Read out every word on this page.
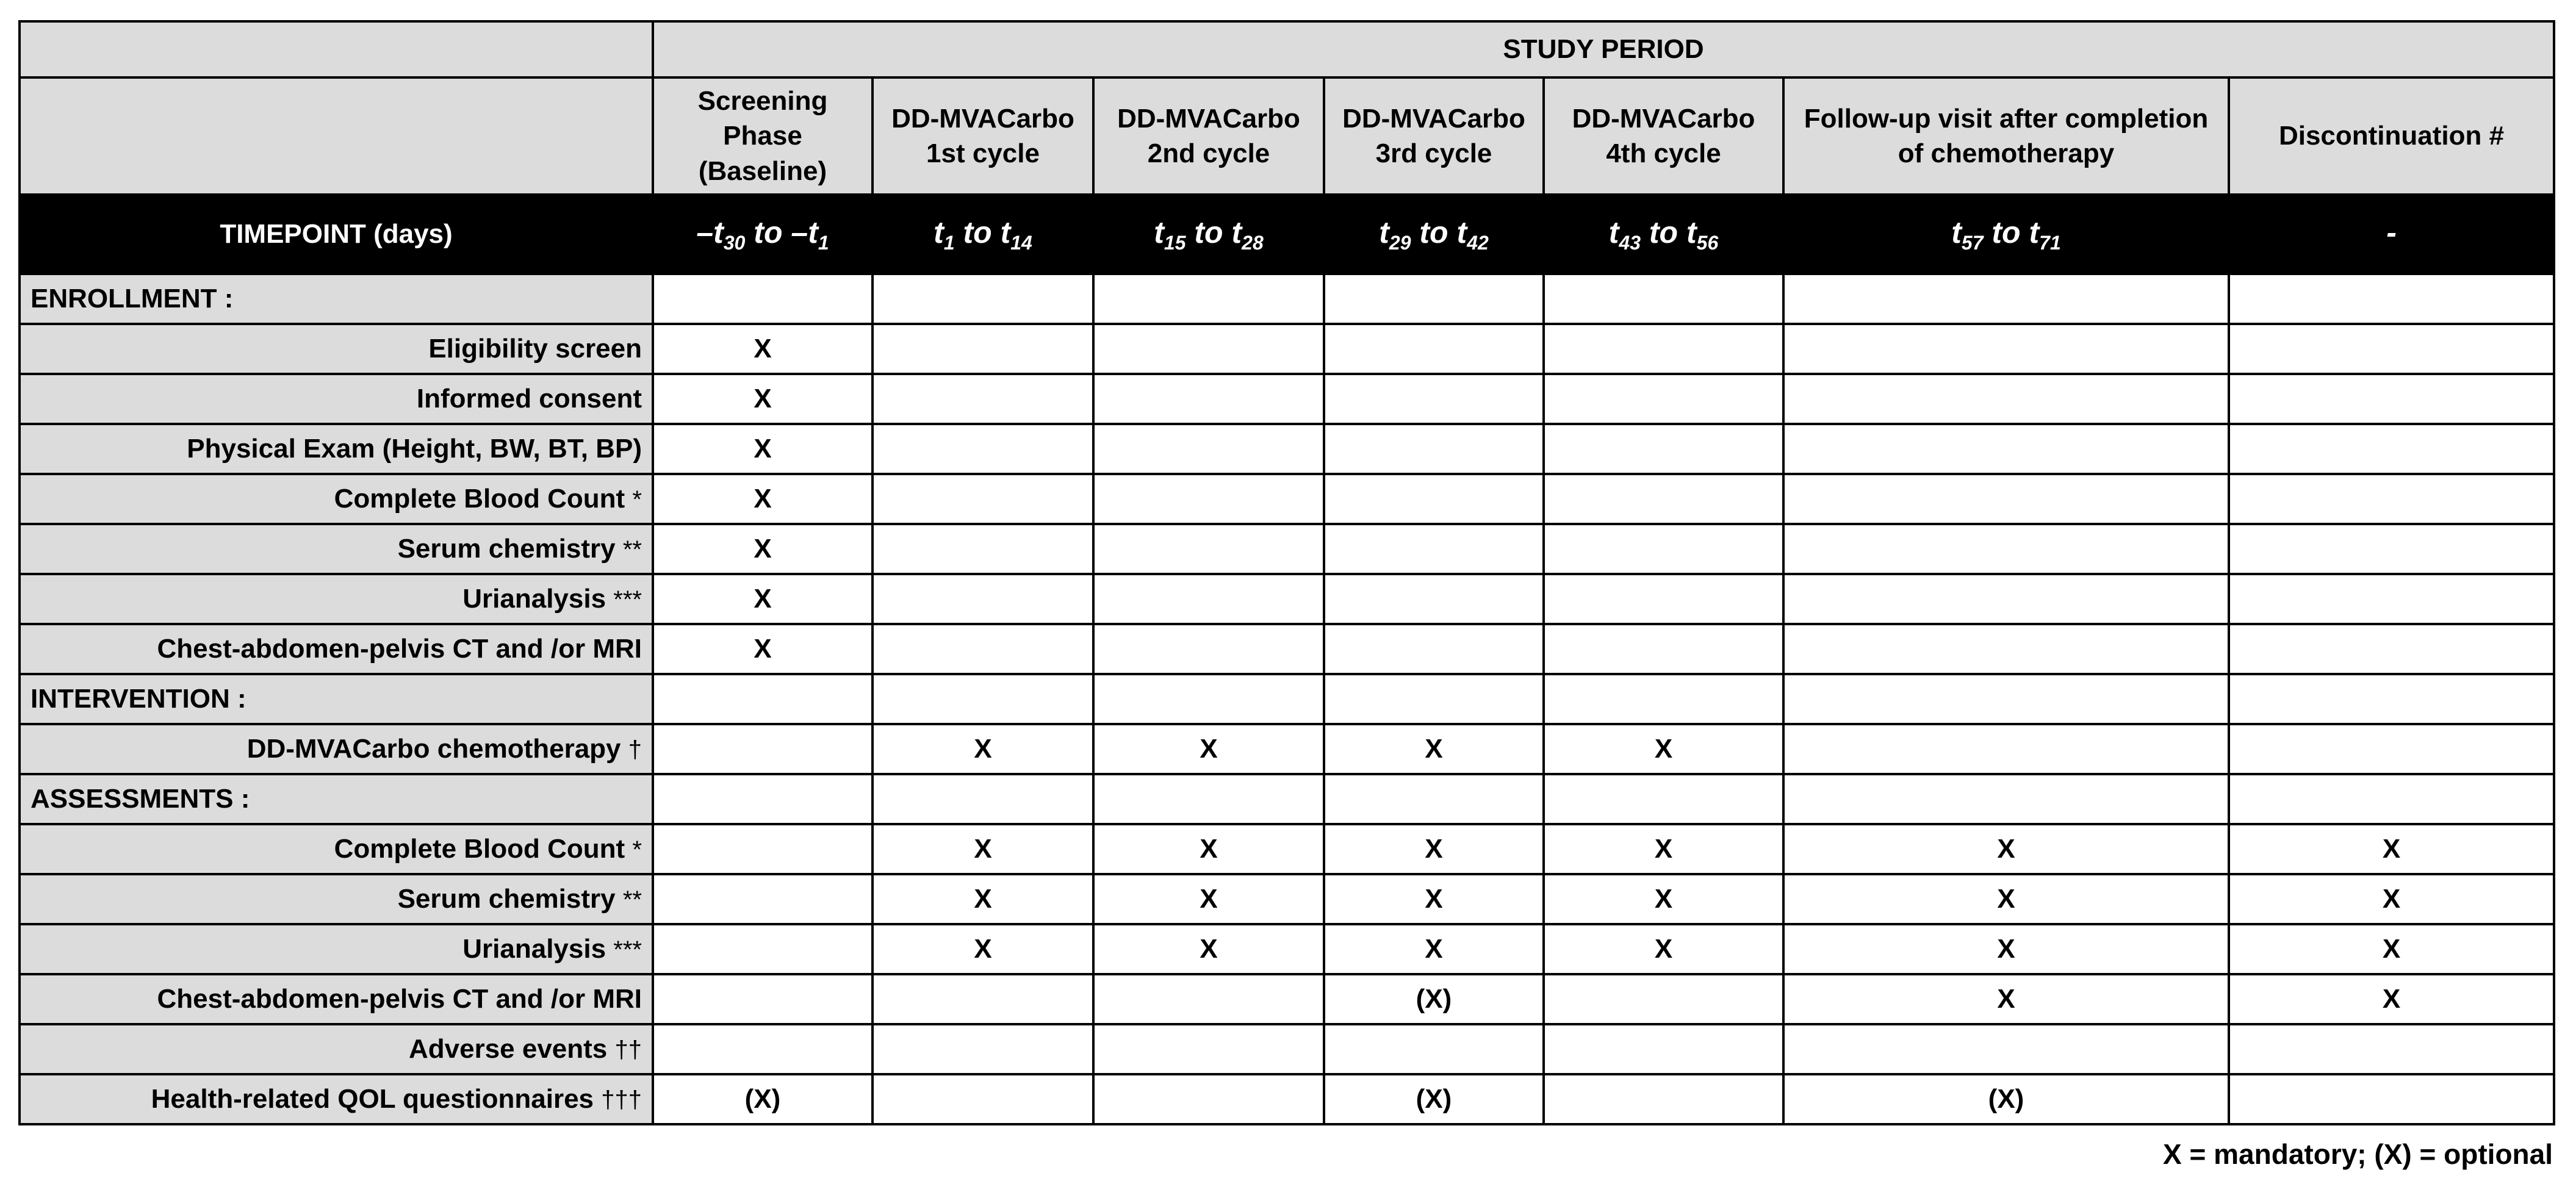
	STUDY PERIOD						
	Screening Phase (Baseline)	DD-MVACarbo 1st cycle	DD-MVACarbo 2nd cycle	DD-MVACarbo 3rd cycle	DD-MVACarbo 4th cycle	Follow-up visit after completion of chemotherapy	Discontinuation #
TIMEPOINT (days)	$-t_{30}$ to $-t_1$	$t_1$ to $t_{14}$	$t_{15}$ to $t_{28}$	$t_{29}$ to $t_{42}$	$t_{43}$ to $t_{56}$	$t_{57}$ to $t_{71}$	-
ENROLLMENT :							
Eligibility screen	X						
Informed consent	X						
Physical Exam (Height, BW, BT, BP)	X						
Complete Blood Count *	X						
Serum chemistry **	X						
Urianalysis ***	X						
Chest-abdomen-pelvis CT and /or MRI	X						
INTERVENTION :							
DD-MVACarbo chemotherapy †		X	X	X	X		
ASSESSMENTS :							
Complete Blood Count *		X	X	X	X	X	X
Serum chemistry **		X	X	X	X	X	X
Urianalysis ***		X	X	X	X	X	X
Chest-abdomen-pelvis CT and /or MRI				(X)		X	X
Adverse events ††							
Health-related QOL questionnaires †††	(X)			(X)		(X)	
X = mandatory; (X) = optional
